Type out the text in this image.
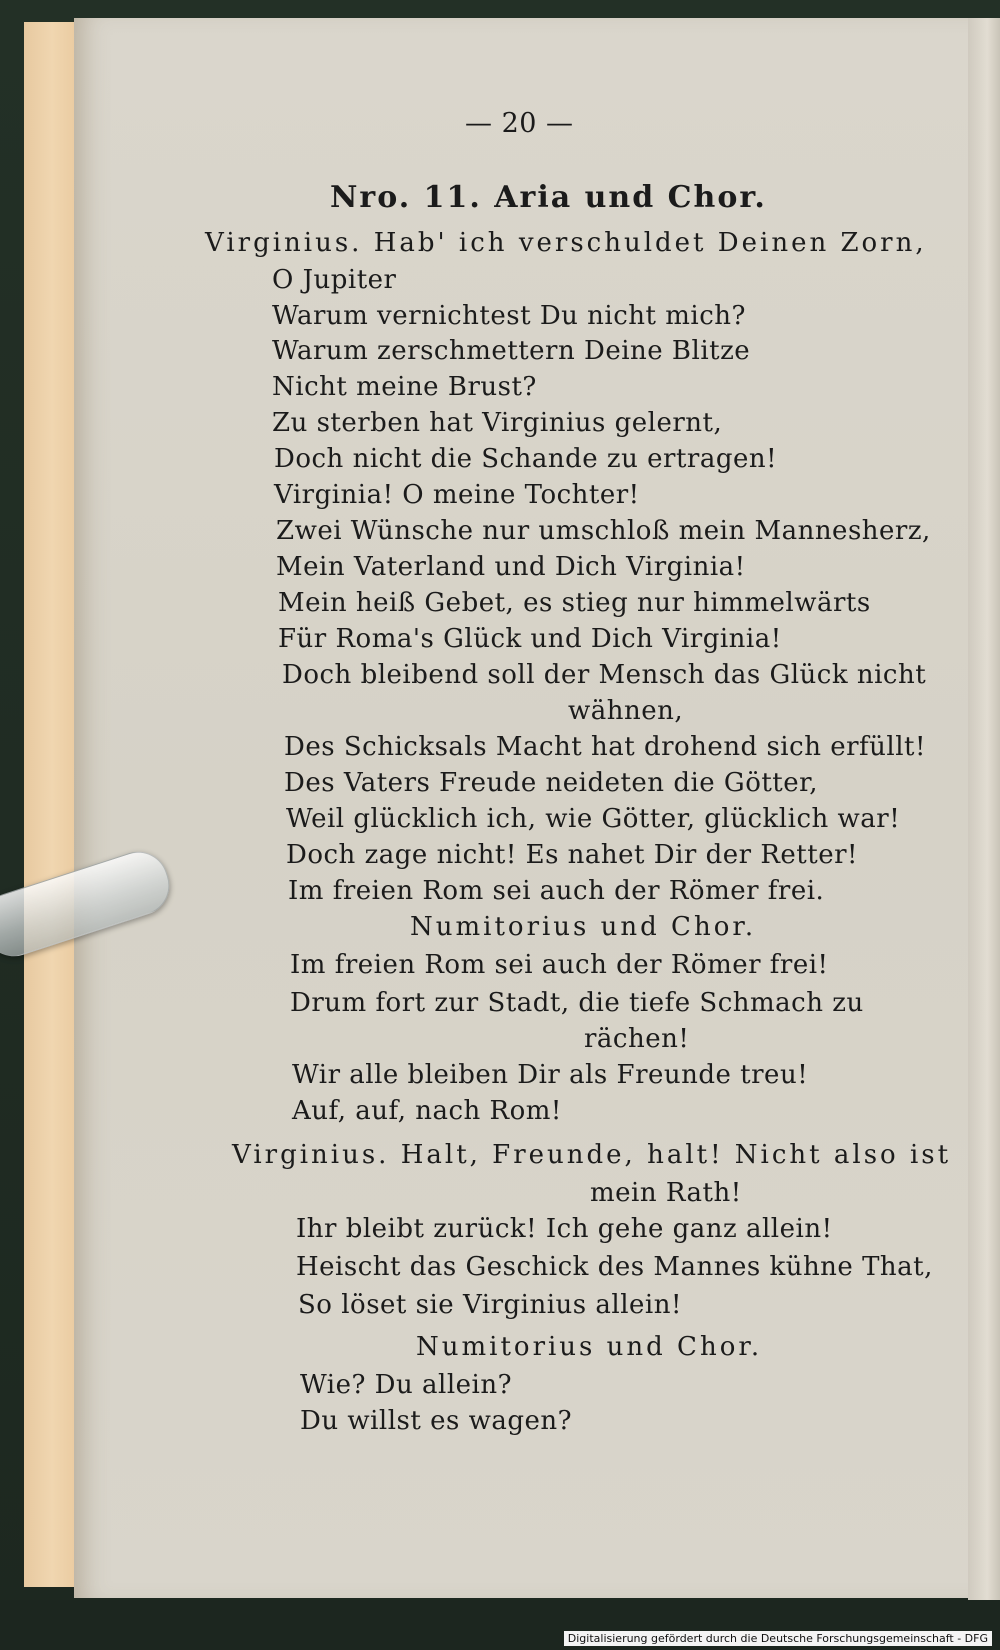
— 20 —
Nro. 11. Aria und Chor.
Virginius. Hab' ich verschuldet Deinen Zorn,
O Jupiter
Warum vernichtest Du nicht mich?
Warum zerschmettern Deine Blitze
Nicht meine Brust?
Zu sterben hat Virginius gelernt,
Doch nicht die Schande zu ertragen!
Virginia! O meine Tochter!
Zwei Wünsche nur umschloß mein Mannesherz,
Mein Vaterland und Dich Virginia!
Mein heiß Gebet, es stieg nur himmelwärts
Für Roma's Glück und Dich Virginia!
Doch bleibend soll der Mensch das Glück nicht
wähnen,
Des Schicksals Macht hat drohend sich erfüllt!
Des Vaters Freude neideten die Götter,
Weil glücklich ich, wie Götter, glücklich war!
Doch zage nicht! Es nahet Dir der Retter!
Im freien Rom sei auch der Römer frei.
Numitorius und Chor.
Im freien Rom sei auch der Römer frei!
Drum fort zur Stadt, die tiefe Schmach zu
rächen!
Wir alle bleiben Dir als Freunde treu!
Auf, auf, nach Rom!
Virginius. Halt, Freunde, halt! Nicht also ist
mein Rath!
Ihr bleibt zurück! Ich gehe ganz allein!
Heischt das Geschick des Mannes kühne That,
So löset sie Virginius allein!
Numitorius und Chor.
Wie? Du allein?
Du willst es wagen?
Digitalisierung gefördert durch die Deutsche Forschungsgemeinschaft - DFG
